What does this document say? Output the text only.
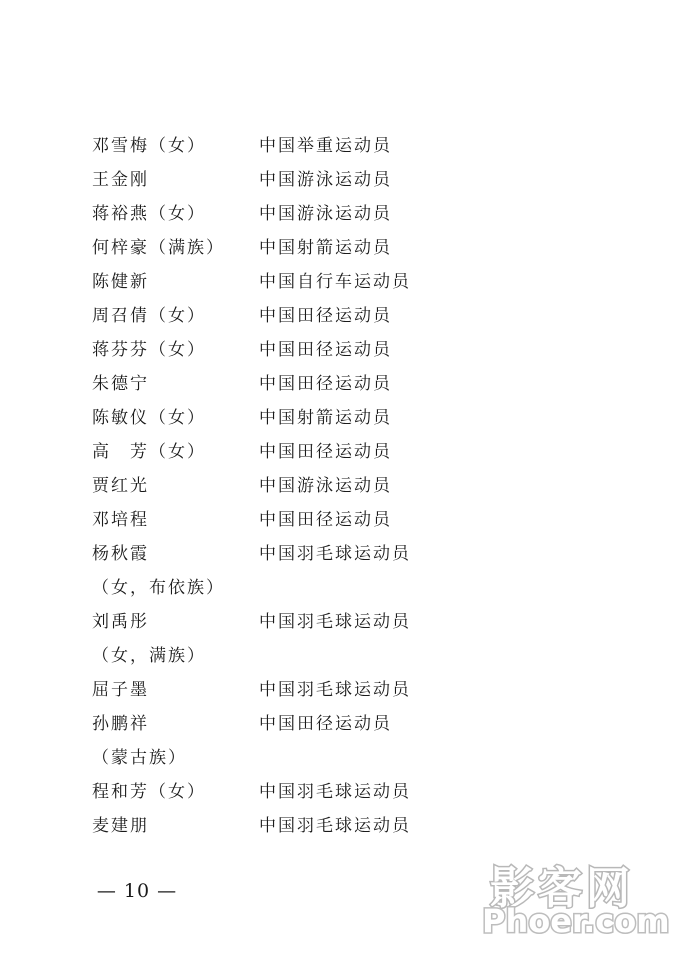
邓雪梅（女）	中国举重运动员
王金刚	中国游泳运动员
蒋裕燕（女）	中国游泳运动员
何梓豪（满族）	中国射箭运动员
陈健新	中国自行车运动员
周召倩（女）	中国田径运动员
蒋芬芬（女）	中国田径运动员
朱德宁	中国田径运动员
陈敏仪（女）	中国射箭运动员
高　芳（女）	中国田径运动员
贾红光	中国游泳运动员
邓培程	中国田径运动员
杨秋霞	中国羽毛球运动员
（女，布依族）
刘禹彤	中国羽毛球运动员
（女，满族）
屈子墨	中国羽毛球运动员
孙鹏祥	中国田径运动员
（蒙古族）
程和芳（女）	中国羽毛球运动员
麦建朋	中国羽毛球运动员
— 10 —	影客网
Phoer.com
